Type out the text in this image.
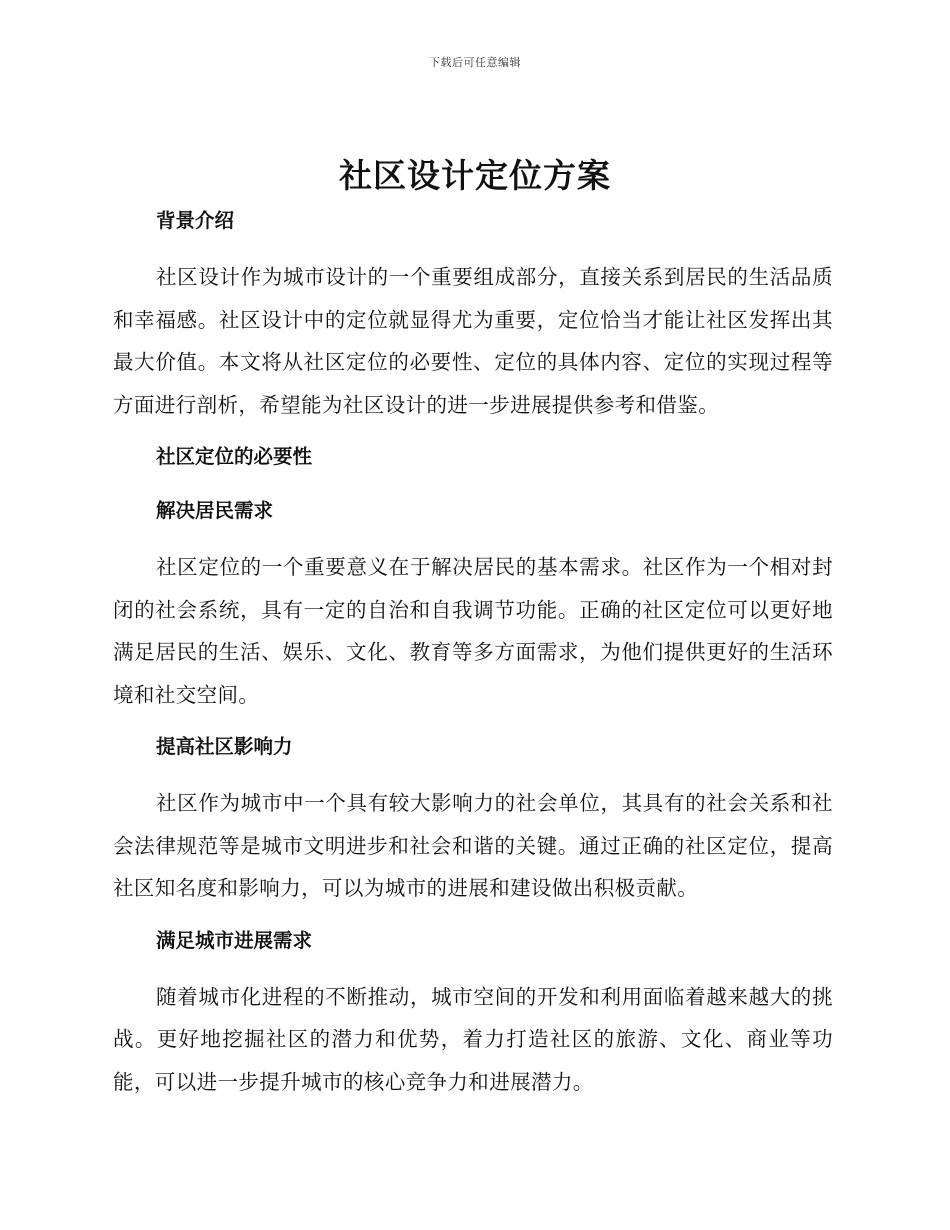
下载后可任意编辑
社区设计定位方案
背景介绍

社区设计作为城市设计的一个重要组成部分，直接关系到居民的生活品质和幸福感。社区设计中的定位就显得尤为重要，定位恰当才能让社区发挥出其最大价值。本文将从社区定位的必要性、定位的具体内容、定位的实现过程等方面进行剖析，希望能为社区设计的进一步进展提供参考和借鉴。

社区定位的必要性
解决居民需求

社区定位的一个重要意义在于解决居民的基本需求。社区作为一个相对封闭的社会系统，具有一定的自治和自我调节功能。正确的社区定位可以更好地满足居民的生活、娱乐、文化、教育等多方面需求，为他们提供更好的生活环境和社交空间。

提高社区影响力

社区作为城市中一个具有较大影响力的社会单位，其具有的社会关系和社会法律规范等是城市文明进步和社会和谐的关键。通过正确的社区定位，提高社区知名度和影响力，可以为城市的进展和建设做出积极贡献。

满足城市进展需求

随着城市化进程的不断推动，城市空间的开发和利用面临着越来越大的挑战。更好地挖掘社区的潜力和优势，着力打造社区的旅游、文化、商业等功能，可以进一步提升城市的核心竞争力和进展潜力。
